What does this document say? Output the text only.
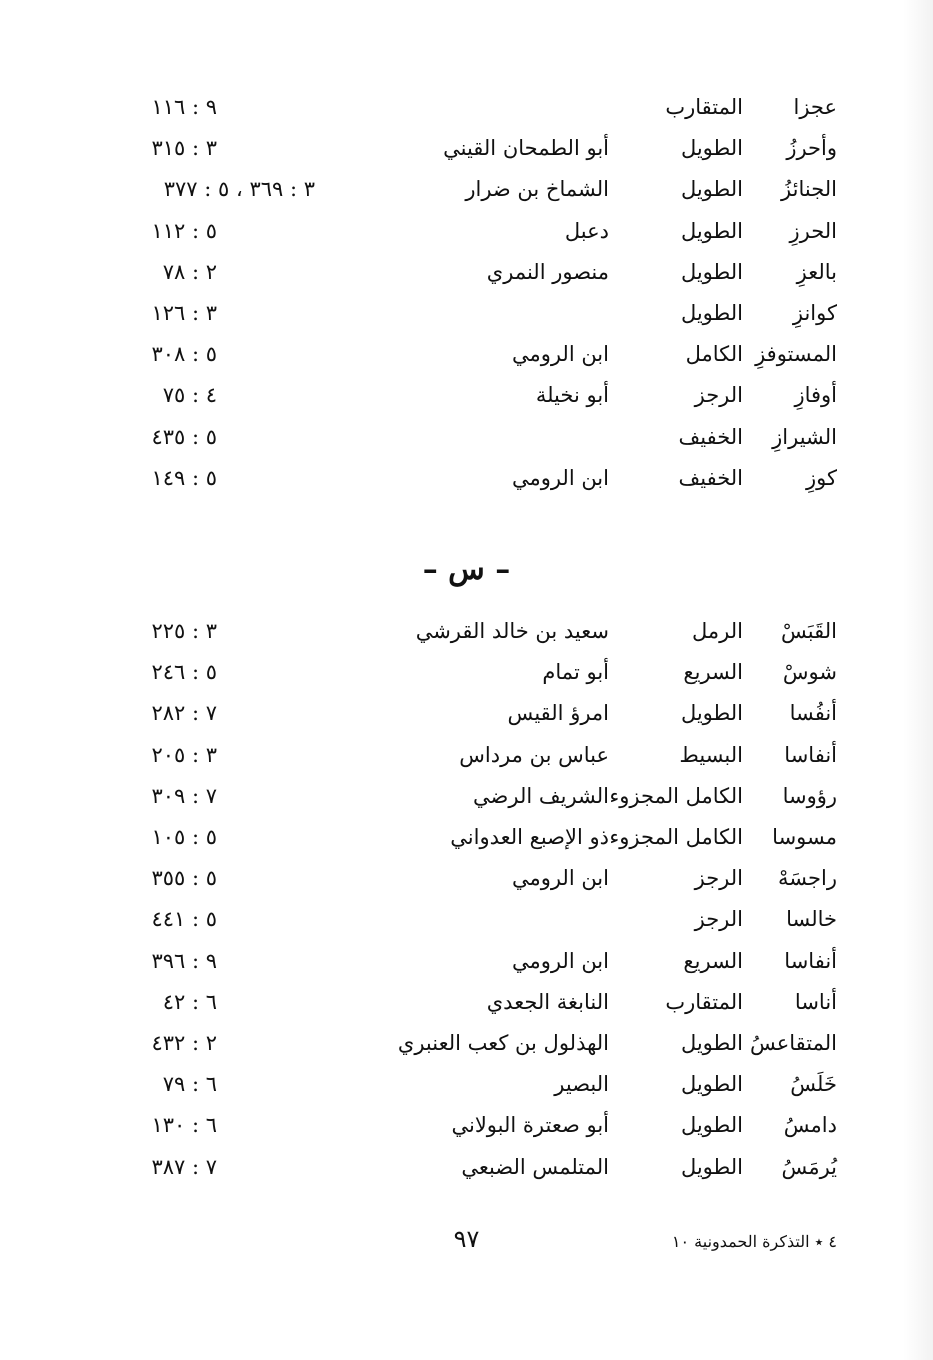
عجزا
المتقارب
٩ : ١١٦
وأحرزُ
الطويل
أبو الطمحان القيني
٣ : ٣١٥
الجنائزُ
الطويل
الشماخ بن ضرار
٣ : ٣٦٩ ، ٥ : ٣٧٧
الحرزِ
الطويل
دعبل
٥ : ١١٢
بالعزِ
الطويل
منصور النمري
٢ : ٧٨
كوانزِ
الطويل
٣ : ١٢٦
المستوفزِ
الكامل
ابن الرومي
٥ : ٣٠٨
أوفازِ
الرجز
أبو نخيلة
٤ : ٧٥
الشيرازِ
الخفيف
٥ : ٤٣٥
كوزِ
الخفيف
ابن الرومي
٥ : ١٤٩
– س –
القَبَسْ
الرمل
سعيد بن خالد القرشي
٣ : ٢٢٥
شوسْ
السريع
أبو تمام
٥ : ٢٤٦
أنفُسا
الطويل
امرؤ القيس
٧ : ٢٨٢
أنفاسا
البسيط
عباس بن مرداس
٣ : ٢٠٥
رؤوسا
الكامل المجزوء
الشريف الرضي
٧ : ٣٠٩
مسوسا
الكامل المجزوء
ذو الإصبع العدواني
٥ : ١٠٥
راجسَهْ
الرجز
ابن الرومي
٥ : ٣٥٥
خالسا
الرجز
٥ : ٤٤١
أنفاسا
السريع
ابن الرومي
٩ : ٣٩٦
أناسا
المتقارب
النابغة الجعدي
٦ : ٤٢
المتقاعسُ
الطويل
الهذلول بن كعب العنبري
٢ : ٤٣٢
خَلَسُ
الطويل
البصير
٦ : ٧٩
دامسُ
الطويل
أبو صعترة البولاني
٦ : ١٣٠
يُرمَسُ
الطويل
المتلمس الضبعي
٧ : ٣٨٧
٩٧	٤ ٭ التذكرة الحمدونية ١٠
